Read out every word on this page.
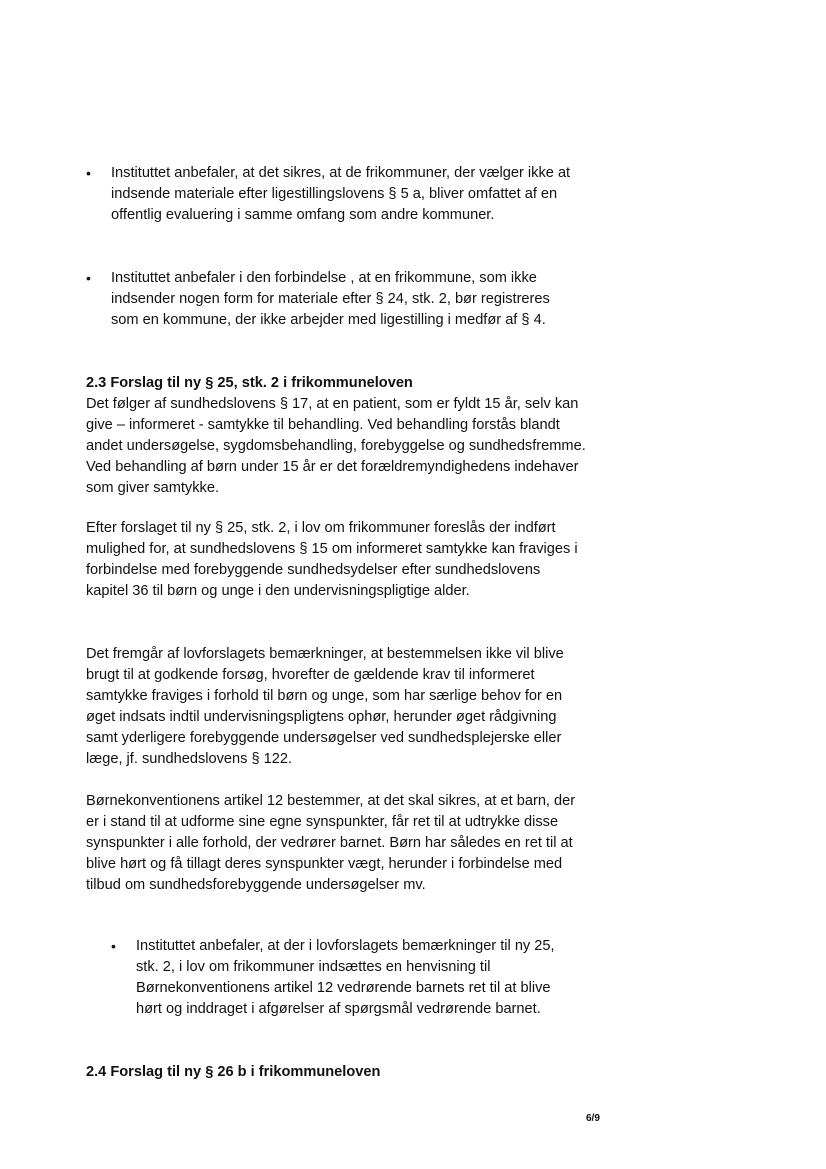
• Instituttet anbefaler, at det sikres, at de frikommuner, der vælger ikke at indsende materiale efter ligestillingslovens § 5 a, bliver omfattet af en offentlig evaluering i samme omfang som andre kommuner.
• Instituttet anbefaler i den forbindelse , at en frikommune, som ikke indsender nogen form for materiale efter § 24, stk. 2, bør registreres som en kommune, der ikke arbejder med ligestilling i medfør af § 4.
2.3 Forslag til ny § 25, stk. 2 i frikommuneloven

Det følger af sundhedslovens § 17, at en patient, som er fyldt 15 år, selv kan give – informeret - samtykke til behandling. Ved behandling forstås blandt andet undersøgelse, sygdomsbehandling, forebyggelse og sundhedsfremme. Ved behandling af børn under 15 år er det forældremyndighedens indehaver som giver samtykke.

Efter forslaget til ny § 25, stk. 2, i lov om frikommuner foreslås der indført mulighed for, at sundhedslovens § 15 om informeret samtykke kan fraviges i forbindelse med forebyggende sundhedsydelser efter sundhedslovens kapitel 36 til børn og unge i den undervisningspligtige alder.

Det fremgår af lovforslagets bemærkninger, at bestemmelsen ikke vil blive brugt til at godkende forsøg, hvorefter de gældende krav til informeret samtykke fraviges i forhold til børn og unge, som har særlige behov for en øget indsats indtil undervisningspligtens ophør, herunder øget rådgivning samt yderligere forebyggende undersøgelser ved sundhedsplejerske eller læge, jf. sundhedslovens § 122.

Børnekonventionens artikel 12 bestemmer, at det skal sikres, at et barn, der er i stand til at udforme sine egne synspunkter, får ret til at udtrykke disse synspunkter i alle forhold, der vedrører barnet. Børn har således en ret til at blive hørt og få tillagt deres synspunkter vægt, herunder i forbindelse med tilbud om sundhedsforebyggende undersøgelser mv.

• Instituttet anbefaler, at der i lovforslagets bemærkninger til ny 25, stk. 2, i lov om frikommuner indsættes en henvisning til Børnekonventionens artikel 12 vedrørende barnets ret til at blive hørt og inddraget i afgørelser af spørgsmål vedrørende barnet.
2.4 Forslag til ny § 26 b i frikommuneloven
6/9
